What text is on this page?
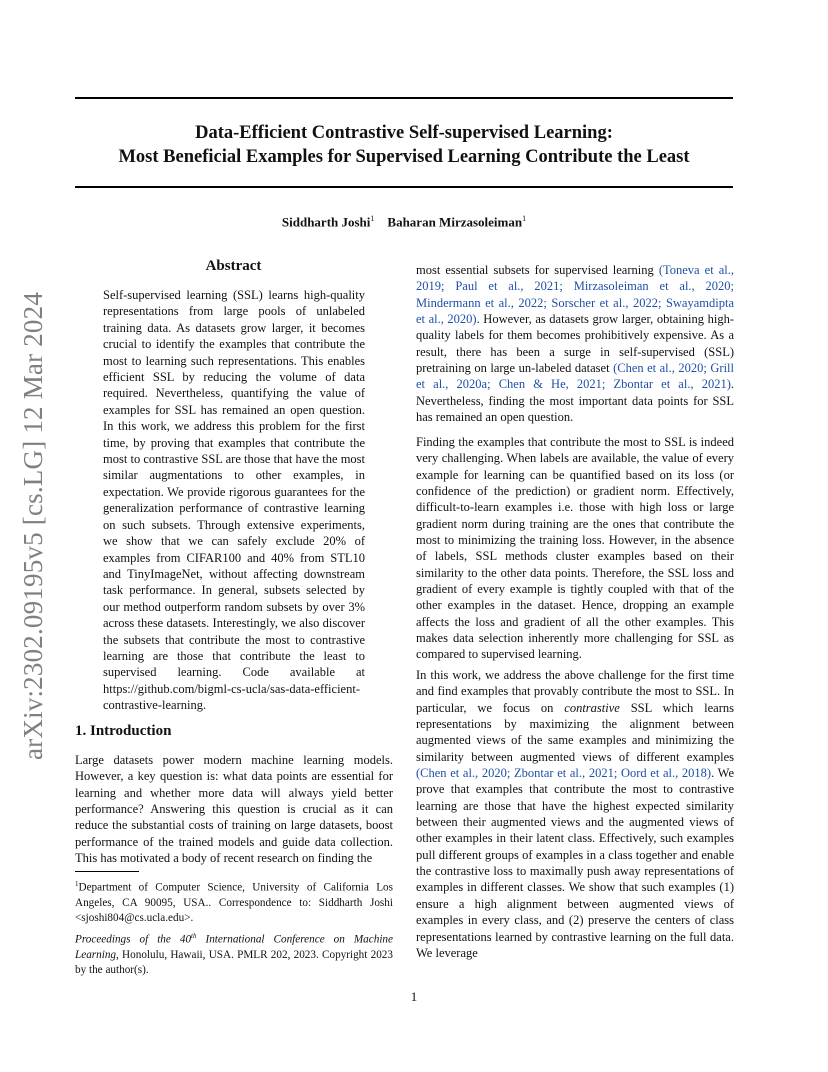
Data-Efficient Contrastive Self-supervised Learning:
Most Beneficial Examples for Supervised Learning Contribute the Least
Siddharth Joshi$^1$ Baharan Mirzasoleiman$^1$
arXiv:2302.09195v5 [cs.LG] 12 Mar 2024
Abstract
Self-supervised learning (SSL) learns high-quality representations from large pools of unlabeled training data. As datasets grow larger, it becomes crucial to identify the examples that contribute the most to learning such representations. This enables efficient SSL by reducing the volume of data required. Nevertheless, quantifying the value of examples for SSL has remained an open question. In this work, we address this problem for the first time, by proving that examples that contribute the most to contrastive SSL are those that have the most similar augmentations to other examples, in expectation. We provide rigorous guarantees for the generalization performance of contrastive learning on such subsets. Through extensive experiments, we show that we can safely exclude 20% of examples from CIFAR100 and 40% from STL10 and TinyImageNet, without affecting downstream task performance. In general, subsets selected by our method outperform random subsets by over 3% across these datasets. Interestingly, we also discover the subsets that contribute the most to contrastive learning are those that contribute the least to supervised learning. Code available at https://github.com/bigml-cs-ucla/sas-data-efficient-contrastive-learning.
1. Introduction
Large datasets power modern machine learning models. However, a key question is: what data points are essential for learning and whether more data will always yield better performance? Answering this question is crucial as it can reduce the substantial costs of training on large datasets, boost performance of the trained models and guide data collection. This has motivated a body of recent research on finding the
$^1$Department of Computer Science, University of California Los Angeles, CA 90095, USA.. Correspondence to: Siddharth Joshi <sjoshi804@cs.ucla.edu>.
Proceedings of the 40th International Conference on Machine Learning, Honolulu, Hawaii, USA. PMLR 202, 2023. Copyright 2023 by the author(s).
most essential subsets for supervised learning (Toneva et al., 2019; Paul et al., 2021; Mirzasoleiman et al., 2020; Mindermann et al., 2022; Sorscher et al., 2022; Swayamdipta et al., 2020). However, as datasets grow larger, obtaining high-quality labels for them becomes prohibitively expensive. As a result, there has been a surge in self-supervised (SSL) pretraining on large un-labeled dataset (Chen et al., 2020; Grill et al., 2020a; Chen & He, 2021; Zbontar et al., 2021). Nevertheless, finding the most important data points for SSL has remained an open question.
Finding the examples that contribute the most to SSL is indeed very challenging. When labels are available, the value of every example for learning can be quantified based on its loss (or confidence of the prediction) or gradient norm. Effectively, difficult-to-learn examples i.e. those with high loss or large gradient norm during training are the ones that contribute the most to minimizing the training loss. However, in the absence of labels, SSL methods cluster examples based on their similarity to the other data points. Therefore, the SSL loss and gradient of every example is tightly coupled with that of the other examples in the dataset. Hence, dropping an example affects the loss and gradient of all the other examples. This makes data selection inherently more challenging for SSL as compared to supervised learning.
In this work, we address the above challenge for the first time and find examples that provably contribute the most to SSL. In particular, we focus on contrastive SSL which learns representations by maximizing the alignment between augmented views of the same examples and minimizing the similarity between augmented views of different examples (Chen et al., 2020; Zbontar et al., 2021; Oord et al., 2018). We prove that examples that contribute the most to contrastive learning are those that have the highest expected similarity between their augmented views and the augmented views of other examples in their latent class. Effectively, such examples pull different groups of examples in a class together and enable the contrastive loss to maximally push away representations of examples in different classes. We show that such examples (1) ensure a high alignment between augmented views of examples in every class, and (2) preserve the centers of class representations learned by contrastive learning on the full data. We leverage
1
